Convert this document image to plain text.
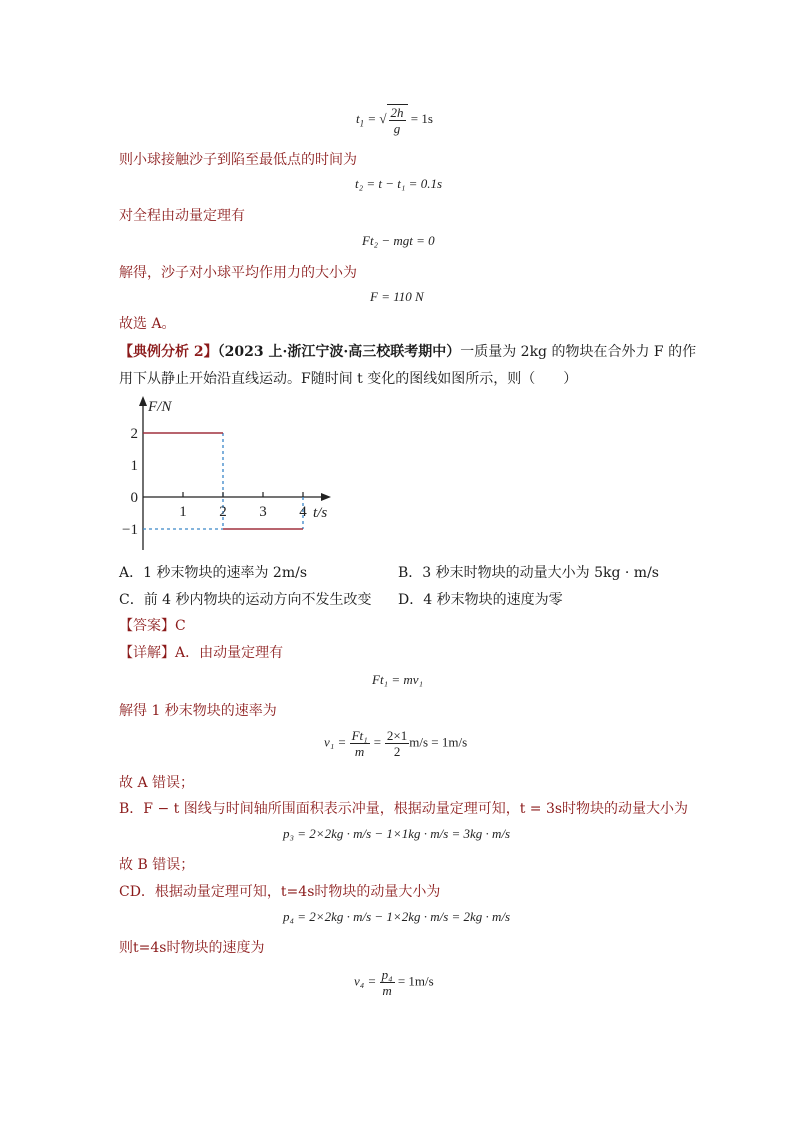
$t_1$ = √ $\frac{2h}{g} = 1s$
则小球接触沙子到陷至最低点的时间为
t₂ = t − t₁ = 0.1s
对全程由动量定理有
Ft₂ − mgt = 0
解得，沙子对小球平均作用力的大小为
F = 110 N
故选 A。
【典例分析 2】（2023 上·浙江宁波·高三校联考期中）一质量为 2kg 的物块在合外力 F 的作
用下从静止开始沿直线运动。F随时间 t 变化的图线如图所示，则（　　）
1 2 3 4
2
1
0
−1
F/N
t/s
A．1 秒末物块的速率为 2m/s	B．3 秒末时物块的动量大小为 5kg · m/s
C．前 4 秒内物块的运动方向不发生改变 D．4 秒末物块的速度为零
【答案】C
【详解】A．由动量定理有
Ft₁ = mv₁
解得 1 秒末物块的速率为
$v_1 = \frac{\text{Ft₁}}{m} = \frac{2\times 1}{2} m/s = 1m/s$
故 A 错误；
B．F − t 图线与时间轴所围面积表示冲量，根据动量定理可知，t = 3s时物块的动量大小为
p₃ = 2×2kg · m/s − 1×1kg · m/s = 3kg · m/s
故 B 错误；
CD．根据动量定理可知，t=4s时物块的动量大小为
p₄ = 2×2kg · m/s − 1×2kg · m/s = 2kg · m/s
则t=4s时物块的速度为
$v_4 = \frac{\text{p₄}}{m} = 1m/s$
